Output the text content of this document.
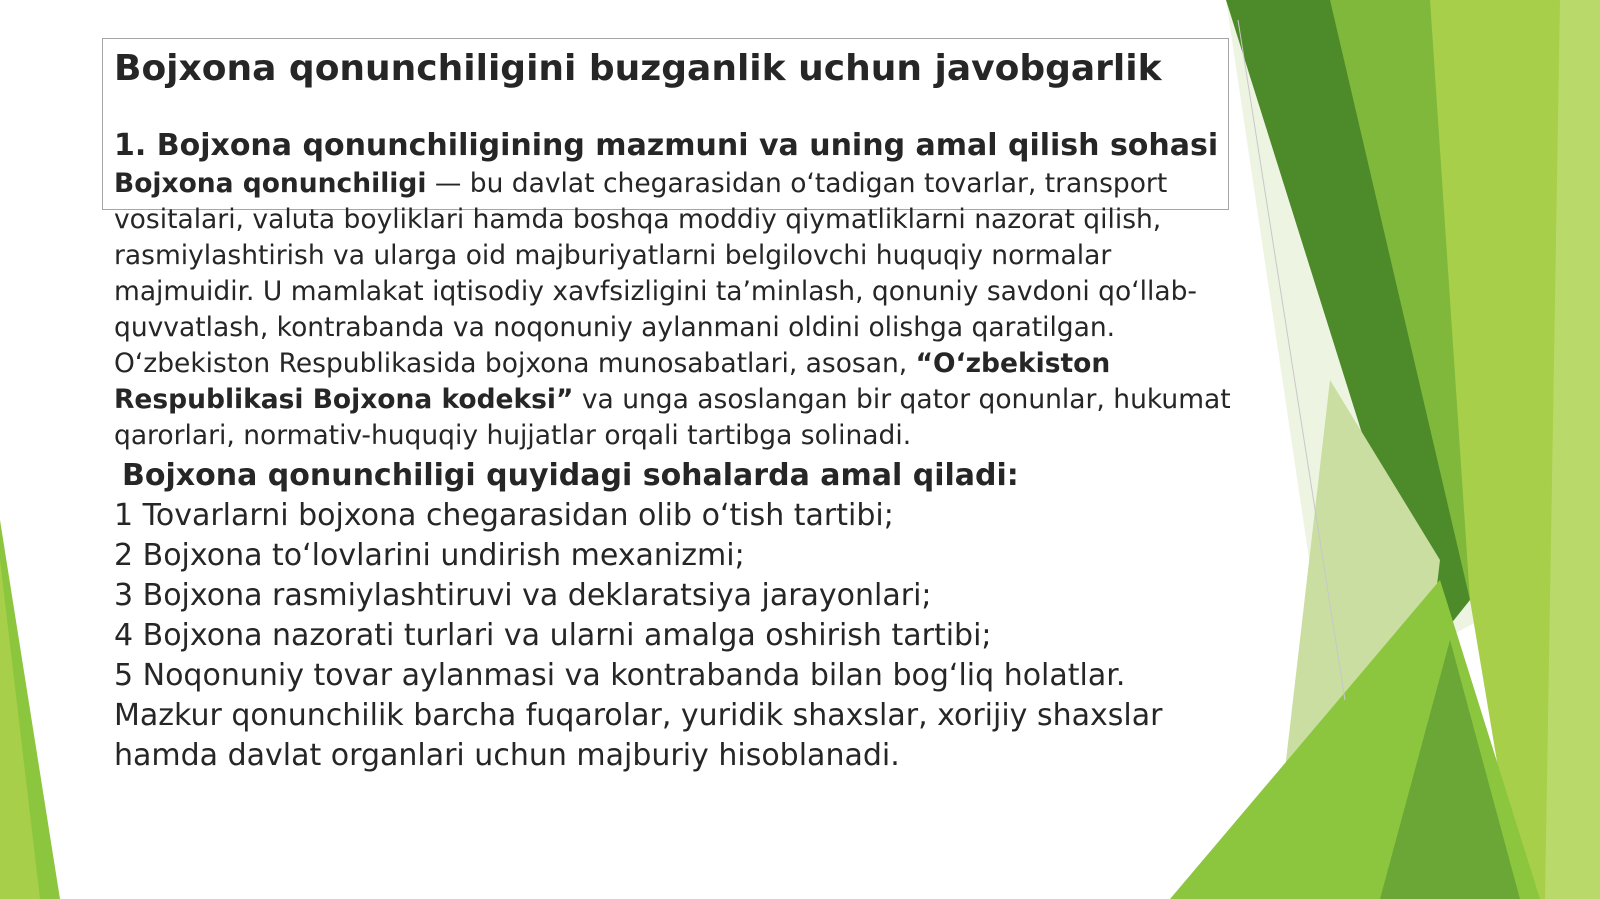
Bojxona qonunchiligini buzganlik uchun javobgarlik
1. Bojxona qonunchiligining mazmuni va uning amal qilish sohasi

Bojxona qonunchiligi — bu davlat chegarasidan o‘tadigan tovarlar, transport vositalari, valuta boyliklari hamda boshqa moddiy qiymatliklarni nazorat qilish, rasmiylashtirish va ularga oid majburiyatlarni belgilovchi huquqiy normalar majmuidir. U mamlakat iqtisodiy xavfsizligini ta’minlash, qonuniy savdoni qo‘llab-quvvatlash, kontrabanda va noqonuniy aylanmani oldini olishga qaratilgan.

O‘zbekiston Respublikasida bojxona munosabatlari, asosan, “O‘zbekiston Respublikasi Bojxona kodeksi” va unga asoslangan bir qator qonunlar, hukumat qarorlari, normativ-huquqiy hujjatlar orqali tartibga solinadi.

Bojxona qonunchiligi quyidagi sohalarda amal qiladi:
1 Tovarlarni bojxona chegarasidan olib o‘tish tartibi;
2 Bojxona to‘lovlarini undirish mexanizmi;
3 Bojxona rasmiylashtiruvi va deklaratsiya jarayonlari;
4 Bojxona nazorati turlari va ularni amalga oshirish tartibi;
5 Noqonuniy tovar aylanmasi va kontrabanda bilan bog‘liq holatlar.

Mazkur qonunchilik barcha fuqarolar, yuridik shaxslar, xorijiy shaxslar hamda davlat organlari uchun majburiy hisoblanadi.
